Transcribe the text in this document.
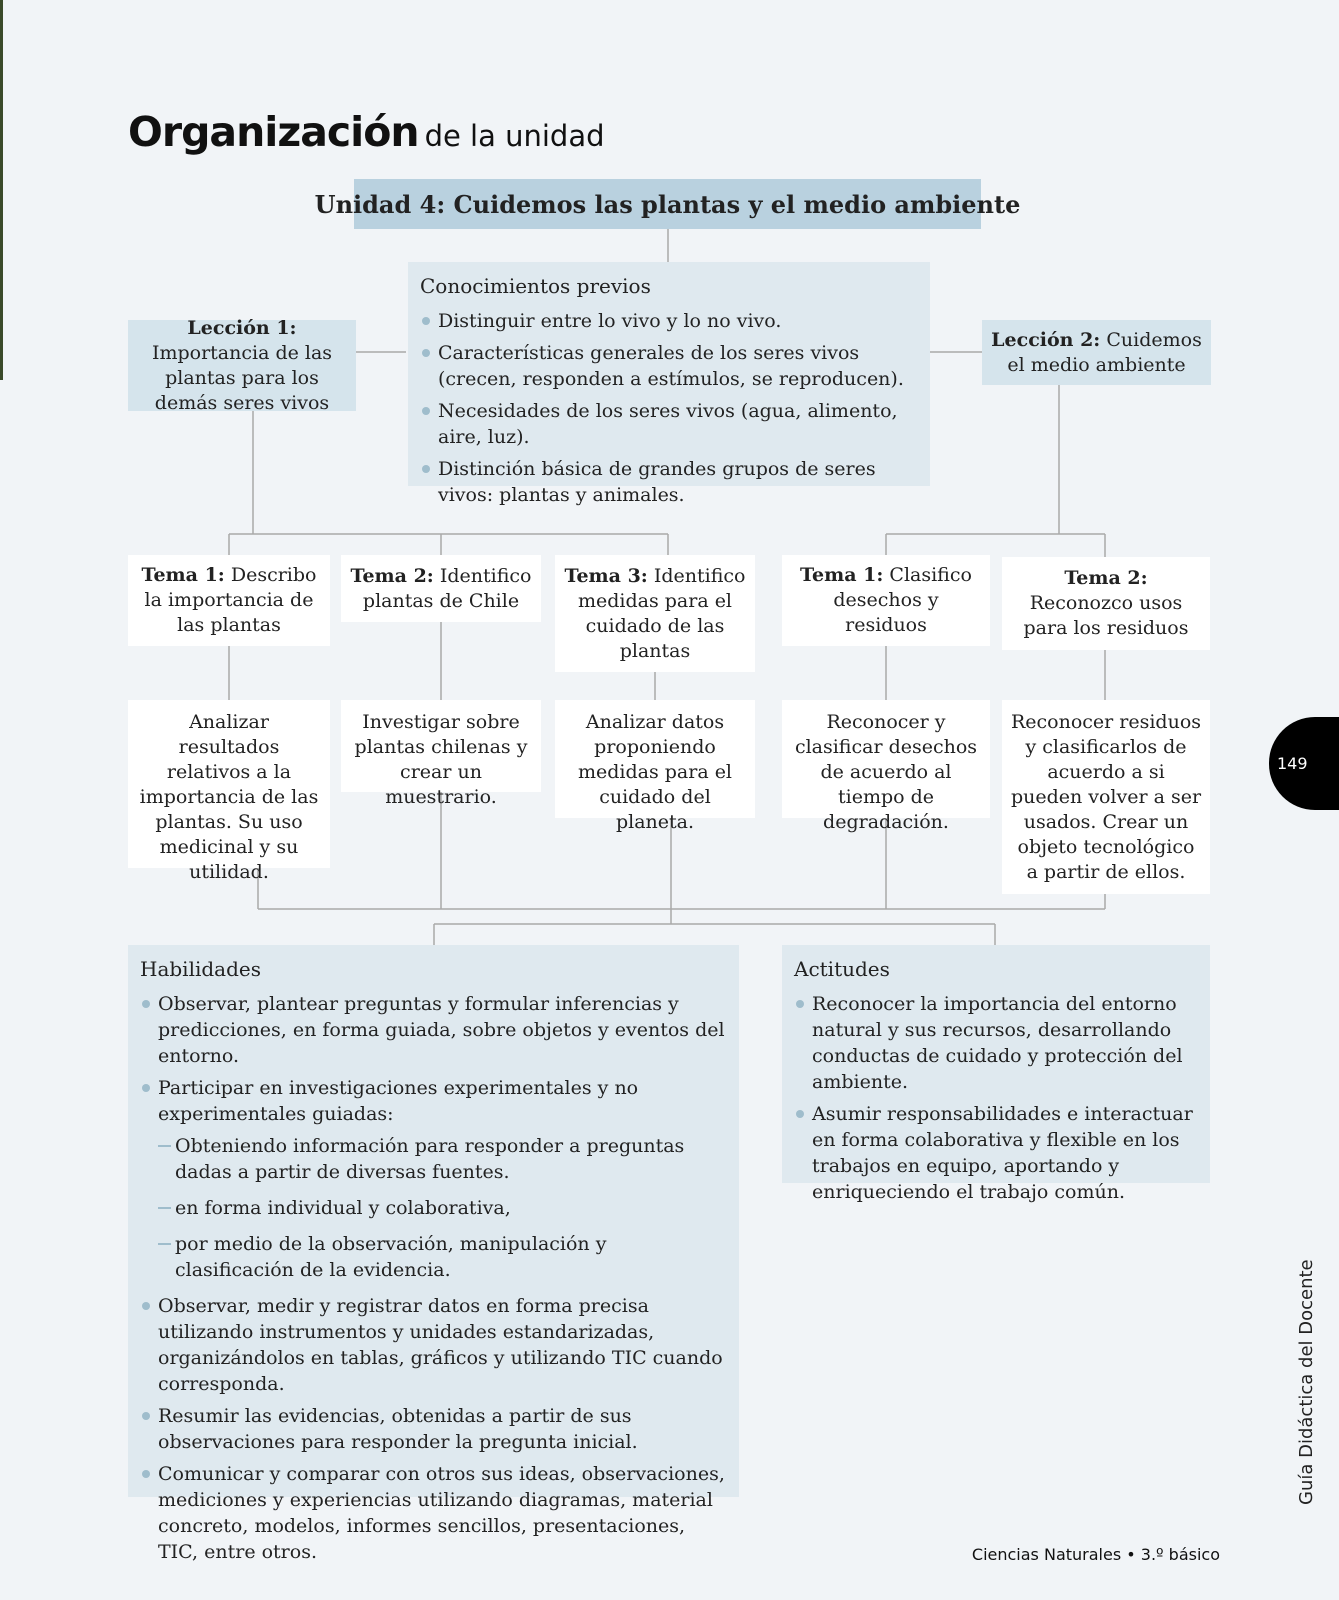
Organización de la unidad
Unidad 4: Cuidemos las plantas y el medio ambiente
Conocimientos previos
Distinguir entre lo vivo y lo no vivo.
Características generales de los seres vivos (crecen, responden a estímulos, se reproducen).
Necesidades de los seres vivos (agua, alimento, aire, luz).
Distinción básica de grandes grupos de seres vivos: plantas y animales.
Lección 1: Importancia de las plantas para los demás seres vivos
Lección 2: Cuidemos el medio ambiente
Tema 1: Describo la importancia de las plantas
Tema 2: Identifico plantas de Chile
Tema 3: Identifico medidas para el cuidado de las plantas
Tema 1: Clasifico desechos y residuos
Tema 2: Reconozco usos para los residuos
Analizar resultados relativos a la importancia de las plantas. Su uso medicinal y su utilidad.
Investigar sobre plantas chilenas y crear un muestrario.
Analizar datos proponiendo medidas para el cuidado del planeta.
Reconocer y clasificar desechos de acuerdo al tiempo de degradación.
Reconocer residuos y clasificarlos de acuerdo a si pueden volver a ser usados. Crear un objeto tecnológico a partir de ellos.
Habilidades
Observar, plantear preguntas y formular inferencias y predicciones, en forma guiada, sobre objetos y eventos del entorno.
Participar en investigaciones experimentales y no experimentales guiadas:
Obteniendo información para responder a preguntas dadas a partir de diversas fuentes.
en forma individual y colaborativa,
por medio de la observación, manipulación y clasificación de la evidencia.
Observar, medir y registrar datos en forma precisa utilizando instrumentos y unidades estandarizadas, organizándolos en tablas, gráficos y utilizando TIC cuando corresponda.
Resumir las evidencias, obtenidas a partir de sus observaciones para responder la pregunta inicial.
Comunicar y comparar con otros sus ideas, observaciones, mediciones y experiencias utilizando diagramas, material concreto, modelos, informes sencillos, presentaciones, TIC, entre otros.
Actitudes
Reconocer la importancia del entorno natural y sus recursos, desarrollando conductas de cuidado y protección del ambiente.
Asumir responsabilidades e interactuar en forma colaborativa y flexible en los trabajos en equipo, aportando y enriqueciendo el trabajo común.
149
Guía Didáctica del Docente
Ciencias Naturales • 3.º básico
